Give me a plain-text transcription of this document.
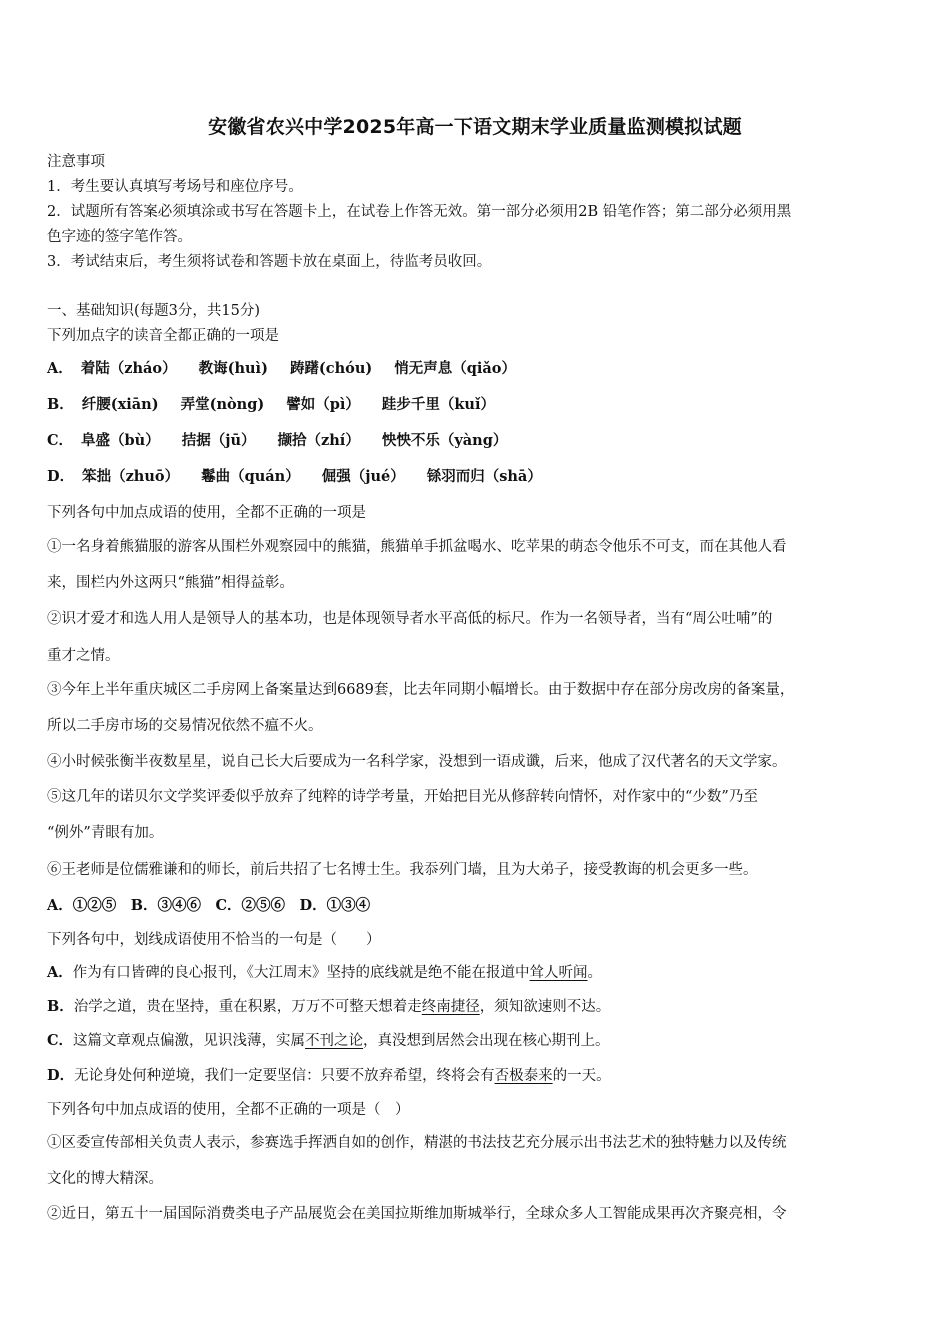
安徽省农兴中学2025年高一下语文期末学业质量监测模拟试题
注意事项
1．考生要认真填写考场号和座位序号。
2．试题所有答案必须填涂或书写在答题卡上，在试卷上作答无效。第一部分必须用2B 铅笔作答；第二部分必须用黑
色字迹的签字笔作答。
3．考试结束后，考生须将试卷和答题卡放在桌面上，待监考员收回。
一、基础知识(每题3分，共15分)
下列加点字的读音全都正确的一项是
A． 着陆（zháo） 教诲(huì) 踌躇(chóu) 悄无声息（qiǎo）
B． 纤腰(xiān) 弄堂(nòng) 譬如（pì） 跬步千里（kuǐ）
C． 阜盛（bù） 拮据（jū） 撷拾（zhí） 怏怏不乐（yàng）
D． 笨拙（zhuō） 鬈曲（quán） 倔强（jué） 铩羽而归（shā）
下列各句中加点成语的使用，全都不正确的一项是
①一名身着熊猫服的游客从围栏外观察园中的熊猫，熊猫单手抓盆喝水、吃苹果的萌态令他乐不可支，而在其他人看
来，围栏内外这两只“熊猫”相得益彰。
②识才爱才和选人用人是领导人的基本功，也是体现领导者水平高低的标尺。作为一名领导者，当有“周公吐哺”的
重才之情。
③今年上半年重庆城区二手房网上备案量达到6689套，比去年同期小幅增长。由于数据中存在部分房改房的备案量，
所以二手房市场的交易情况依然不瘟不火。
④小时候张衡半夜数星星，说自己长大后要成为一名科学家，没想到一语成谶，后来，他成了汉代著名的天文学家。
⑤这几年的诺贝尔文学奖评委似乎放弃了纯粹的诗学考量，开始把目光从修辞转向情怀，对作家中的“少数”乃至
“例外”青眼有加。
⑥王老师是位儒雅谦和的师长，前后共招了七名博士生。我忝列门墙，且为大弟子，接受教诲的机会更多一些。
A．①②⑤　B．③④⑥　C．②⑤⑥　D．①③④
下列各句中，划线成语使用不恰当的一句是（　　）
A．作为有口皆碑的良心报刊，《大江周末》坚持的底线就是绝不能在报道中耸人听闻。
B．治学之道，贵在坚持，重在积累，万万不可整天想着走终南捷径，须知欲速则不达。
C．这篇文章观点偏激，见识浅薄，实属不刊之论，真没想到居然会出现在核心期刊上。
D．无论身处何种逆境，我们一定要坚信：只要不放弃希望，终将会有否极泰来的一天。
下列各句中加点成语的使用，全都不正确的一项是（　）
①区委宣传部相关负责人表示，参赛选手挥洒自如的创作，精湛的书法技艺充分展示出书法艺术的独特魅力以及传统
文化的博大精深。
②近日，第五十一届国际消费类电子产品展览会在美国拉斯维加斯城举行，全球众多人工智能成果再次齐聚亮相，令
